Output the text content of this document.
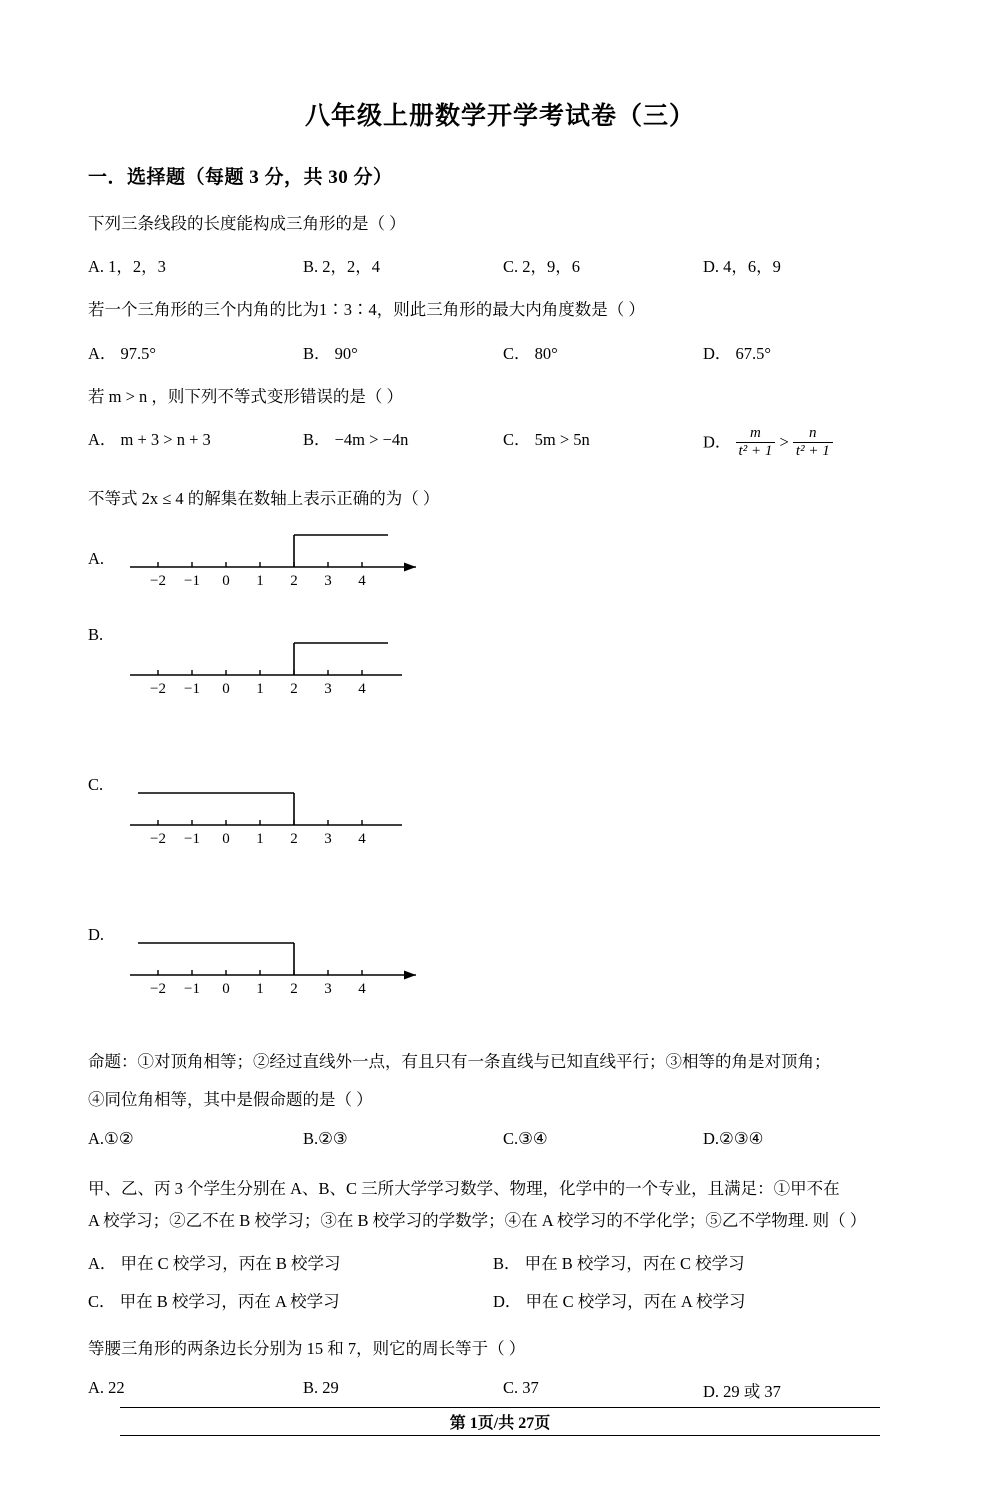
八年级上册数学开学考试卷（三）
一．选择题（每题 3 分，共 30 分）
下列三条线段的长度能构成三角形的是（ ）
A. 1，2，3	B. 2，2，4	C. 2，9，6	D. 4，6，9
若一个三角形的三个内角的比为1∶3∶4，则此三角形的最大内角度数是（ ）
A． 97.5°	B． 90°	C． 80°	D． 67.5°
若 m > n ，则下列不等式变形错误的是（ ）
A． m + 3 > n + 3	B． −4m > −4n	C． 5m > 5n	D． $\frac{m}{\text{t² + 1}} > \frac{n}{\text{t² + 1}}$
不等式 2x ≤ 4 的解集在数轴上表示正确的为（ ）
A.
−2 −1 0 1 2 3 4
B.
−2 −1 0 1 2 3 4
C.
−2 −1 0 1 2 3 4
D.
−2 −1 0 1 2 3 4
命题：①对顶角相等；②经过直线外一点，有且只有一条直线与已知直线平行；③相等的角是对顶角；
④同位角相等，其中是假命题的是（ ）
A.①②	B.②③	C.③④	D.②③④
甲、乙、丙 3 个学生分别在 A、B、C 三所大学学习数学、物理，化学中的一个专业，且满足：①甲不在
A 校学习；②乙不在 B 校学习；③在 B 校学习的学数学；④在 A 校学习的不学化学；⑤乙不学物理. 则（ ）
A． 甲在 C 校学习，丙在 B 校学习	B． 甲在 B 校学习，丙在 C 校学习
C． 甲在 B 校学习，丙在 A 校学习	D． 甲在 C 校学习，丙在 A 校学习
等腰三角形的两条边长分别为 15 和 7，则它的周长等于（ ）
A. 22	B. 29	C. 37	D. 29 或 37
第 1页/共 27页
